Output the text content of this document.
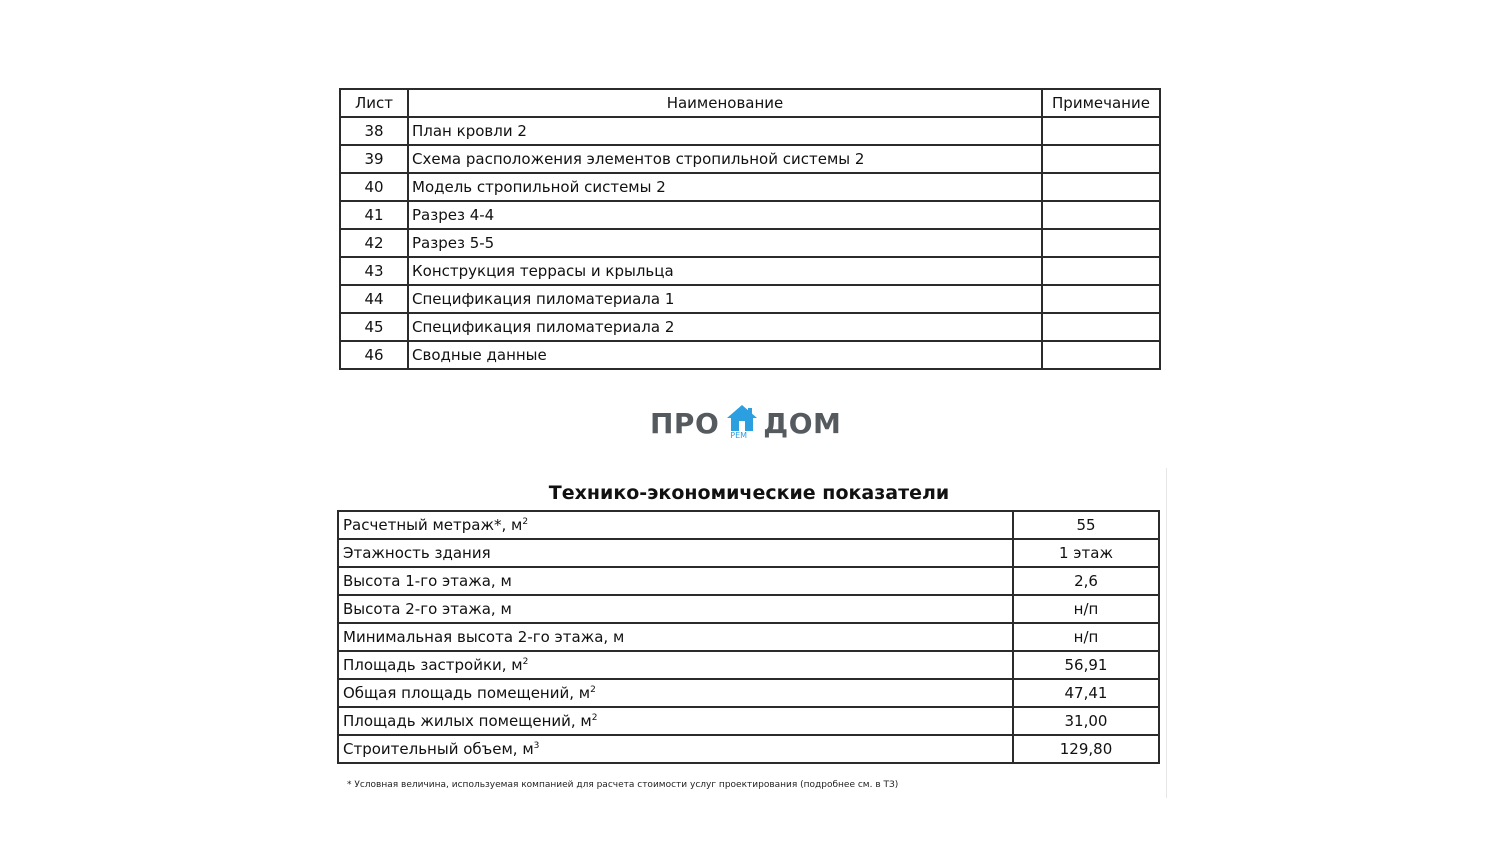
Лист	Наименование	Примечание
38	План кровли 2	
39	Схема расположения элементов стропильной системы 2	
40	Модель стропильной системы 2	
41	Разрез 4-4	
42	Разрез 5-5	
43	Конструкция террасы и крыльца	
44	Спецификация пиломатериала 1	
45	Спецификация пиломатериала 2	
46	Сводные данные	
ПРО РЕМ ДОМ
Технико-экономические показатели
Расчетный метраж*, $м^2$	55
Этажность здания	1 этаж
Высота 1-го этажа, м	2,6
Высота 2-го этажа, м	н/п
Минимальная высота 2-го этажа, м	н/п
Площадь застройки, $м^2$	56,91
Общая площадь помещений, $м^2$	47,41
Площадь жилых помещений, $м^2$	31,00
Строительный объем, $м^3$	129,80
* Условная величина, используемая компанией для расчета стоимости услуг проектирования (подробнее см. в ТЗ)
